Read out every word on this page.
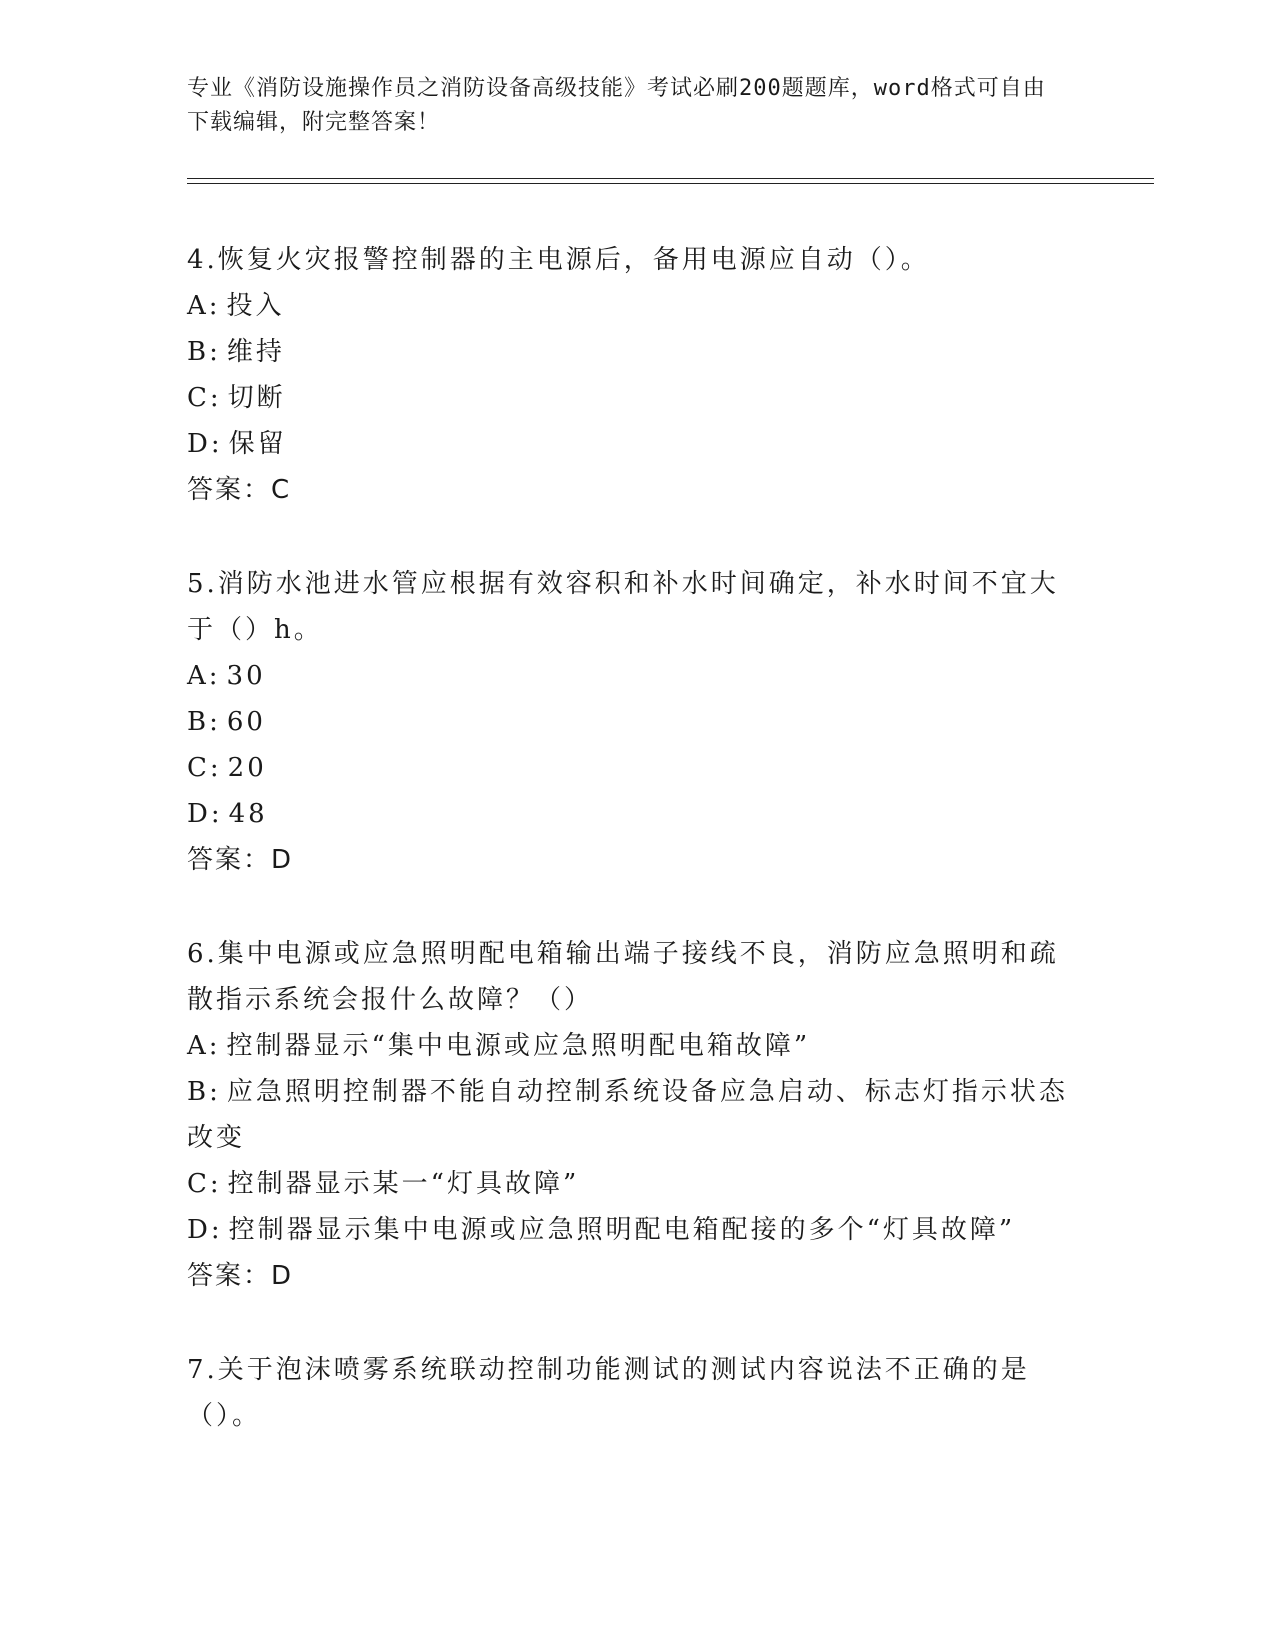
专业《消防设施操作员之消防设备高级技能》考试必刷200题题库，word格式可自由下载编辑，附完整答案！
4.恢复火灾报警控制器的主电源后，备用电源应自动（）。
A: 投入
B: 维持
C: 切断
D: 保留
答案：C
5.消防水池进水管应根据有效容积和补水时间确定，补水时间不宜大于（）h。
A: 30
B: 60
C: 20
D: 48
答案：D
6.集中电源或应急照明配电箱输出端子接线不良，消防应急照明和疏散指示系统会报什么故障？（）
A: 控制器显示“集中电源或应急照明配电箱故障”
B: 应急照明控制器不能自动控制系统设备应急启动、标志灯指示状态改变
C: 控制器显示某一“灯具故障”
D: 控制器显示集中电源或应急照明配电箱配接的多个“灯具故障”
答案：D
7.关于泡沫喷雾系统联动控制功能测试的测试内容说法不正确的是（）。
